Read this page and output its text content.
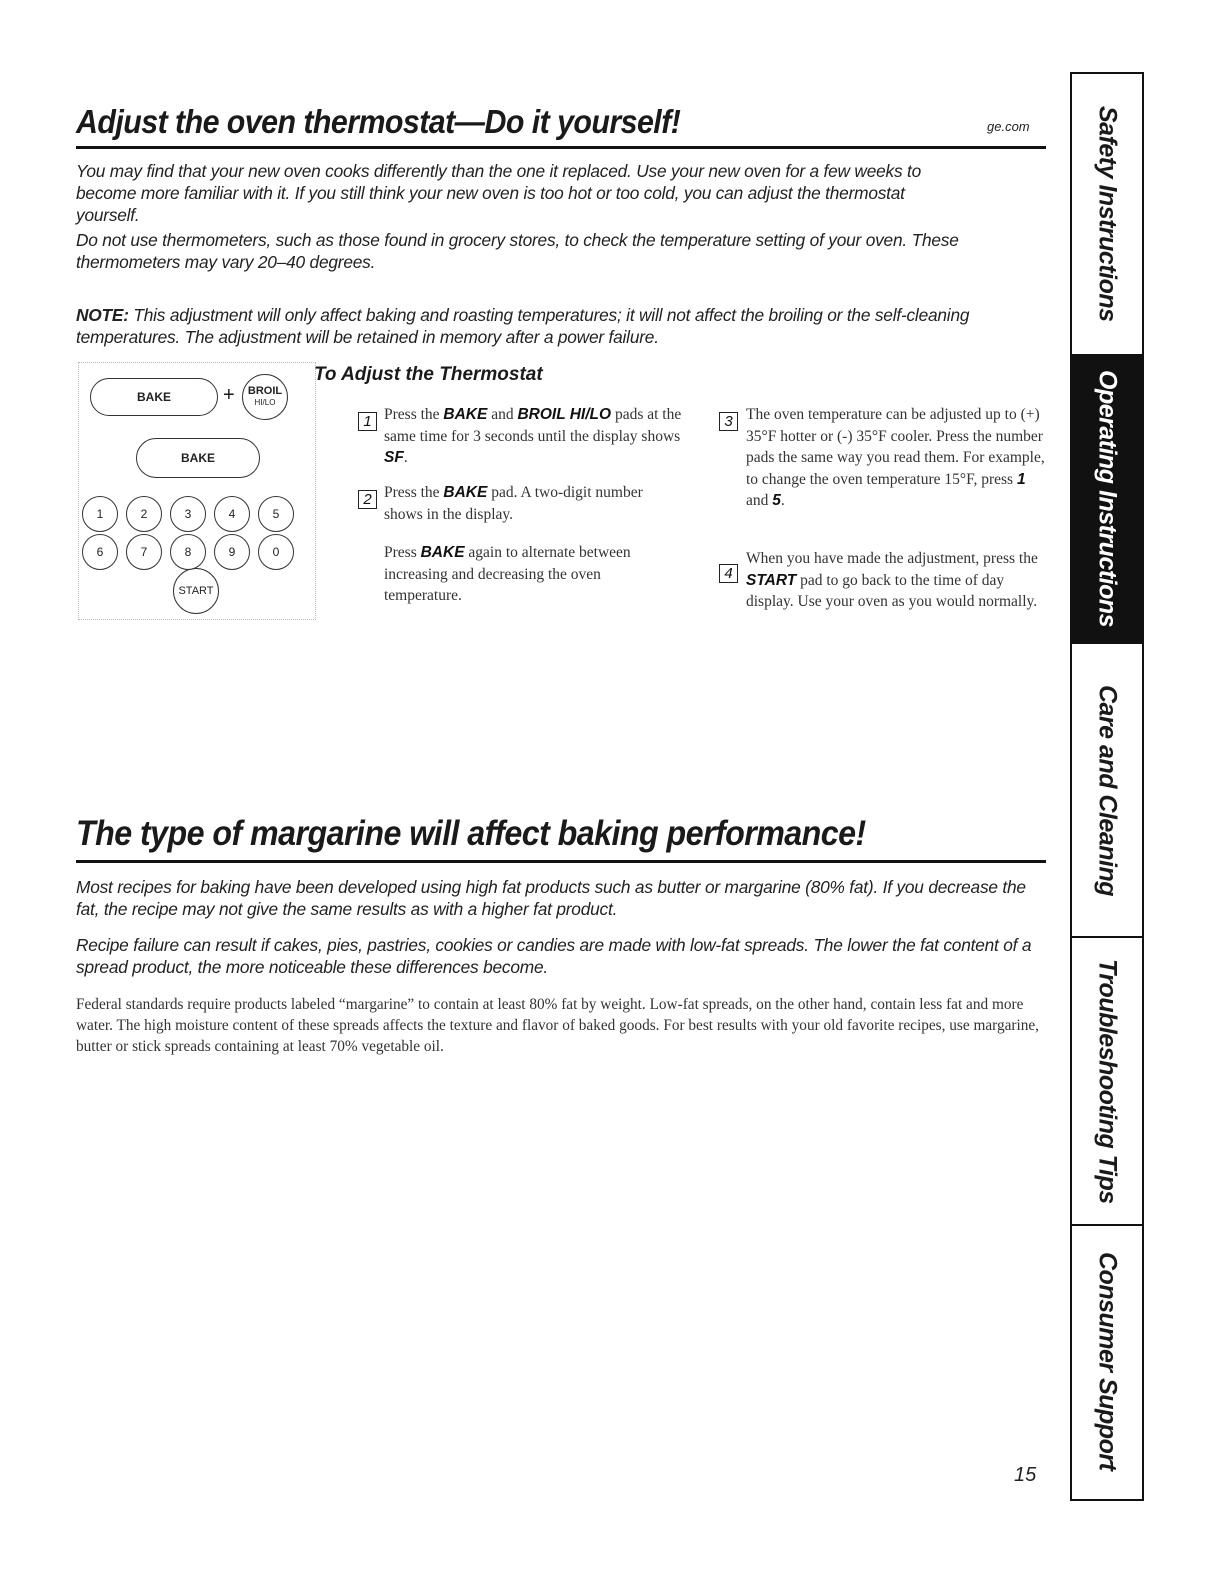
Adjust the oven thermostat—Do it yourself!	ge.com
You may find that your new oven cooks differently than the one it replaced. Use your new oven for a few weeks to become more familiar with it. If you still think your new oven is too hot or too cold, you can adjust the thermostat yourself.
Do not use thermometers, such as those found in grocery stores, to check the temperature setting of your oven. These thermometers may vary 20–40 degrees.
NOTE: This adjustment will only affect baking and roasting temperatures; it will not affect the broiling or the self-cleaning temperatures. The adjustment will be retained in memory after a power failure.
BAKE	+ BROIL
HI/LO
BAKE
START
1	2	3	4	5
6	7	8	9	0
To Adjust the Thermostat
1 Press the BAKE and BROIL HI/LO pads at the same time for 3 seconds until the display shows SF.
2 Press the BAKE pad. A two-digit number shows in the display.
Press BAKE again to alternate between increasing and decreasing the oven temperature.
3 The oven temperature can be adjusted up to (+) 35°F hotter or (-) 35°F cooler. Press the number pads the same way you read them. For example, to change the oven temperature 15°F, press 1 and 5.
4
When you have made the adjustment, press the START pad to go back to the time of day display. Use your oven as you would normally.
The type of margarine will affect baking performance!
Most recipes for baking have been developed using high fat products such as butter or margarine (80% fat). If you decrease the fat, the recipe may not give the same results as with a higher fat product.
Recipe failure can result if cakes, pies, pastries, cookies or candies are made with low-fat spreads. The lower the fat content of a spread product, the more noticeable these differences become.
Federal standards require products labeled “margarine” to contain at least 80% fat by weight. Low-fat spreads, on the other hand, contain less fat and more water. The high moisture content of these spreads affects the texture and flavor of baked goods. For best results with your old favorite recipes, use margarine, butter or stick spreads containing at least 70% vegetable oil.
15
Safety Instructions
Operating Instructions
Care and Cleaning
Troubleshooting Tips
Consumer Support
